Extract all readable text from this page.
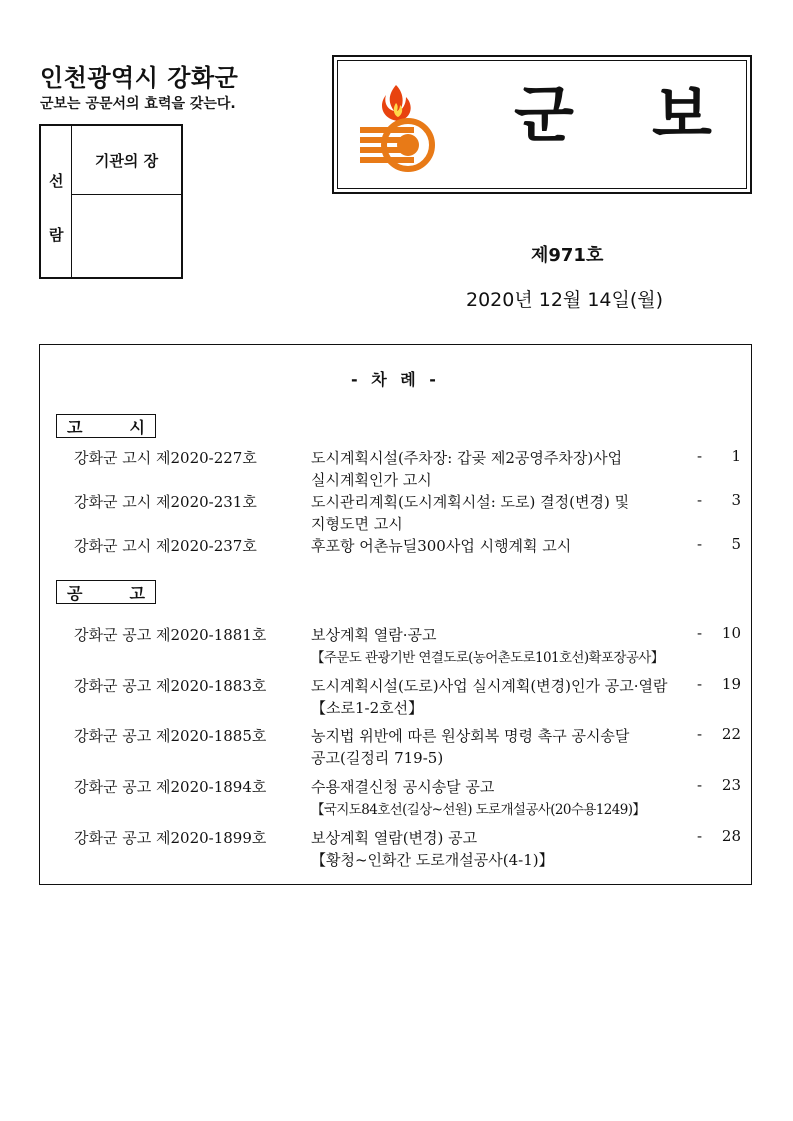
인천광역시 강화군
군보는 공문서의 효력을 갖는다.
선
람
기관의 장
군 보
제971호
2020년 12월 14일(월)
- 차 례 -
고	시
강화군 고시 제2020-227호	도시계획시설(주차장: 갑곶 제2공영주차장)사업
실시계획인가 고시
- 1
강화군 고시 제2020-231호	도시관리계획(도시계획시설: 도로) 결정(변경) 및
지형도면 고시
- 3
강화군 고시 제2020-237호	후포항 어촌뉴딜300사업 시행계획 고시	- 5
공	고
강화군 공고 제2020-1881호	보상계획 열람·공고
【주문도 관광기반 연결도로(농어촌도로101호선)확포장공사】
- 10
강화군 공고 제2020-1883호	도시계획시설(도로)사업 실시계획(변경)인가 공고·열람
【소로1-2호선】
- 19
강화군 공고 제2020-1885호	농지법 위반에 따른 원상회복 명령 촉구 공시송달
공고(길정리 719-5)
- 22
강화군 공고 제2020-1894호	수용재결신청 공시송달 공고
【국지도84호선(길상~선원) 도로개설공사(20수용1249)】
- 23
강화군 공고 제2020-1899호	보상계획 열람(변경) 공고
【황청~인화간 도로개설공사(4-1)】
- 28
